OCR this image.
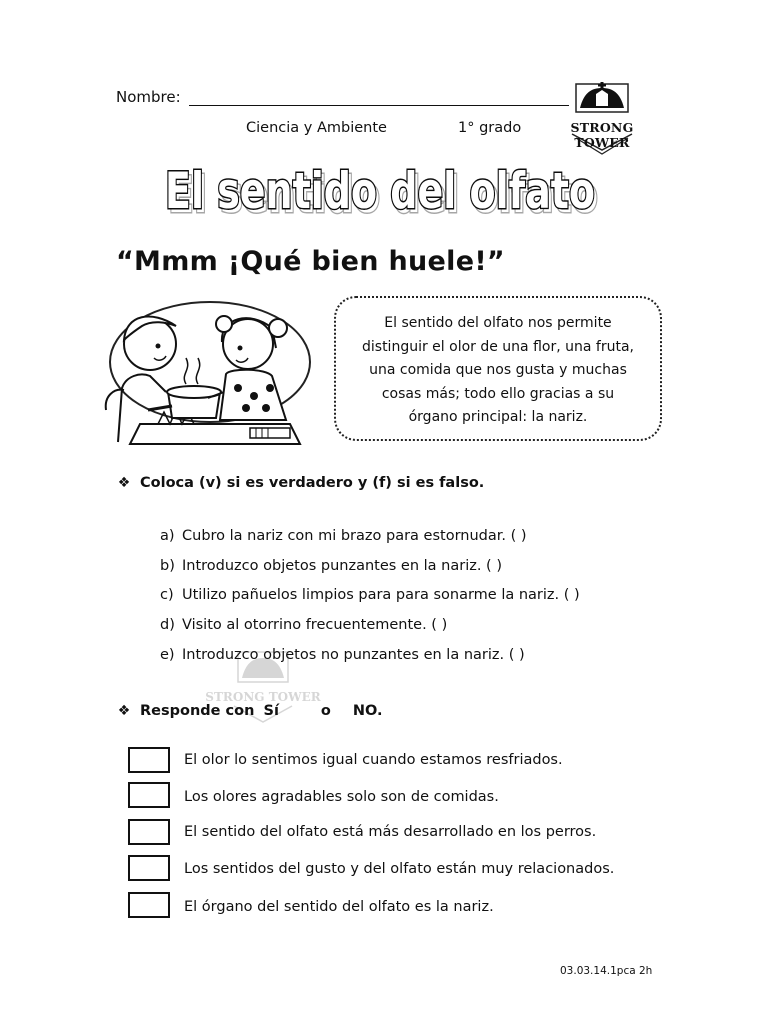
Nombre:
Ciencia y Ambiente	1° grado	STRONG TOWER
El sentido del olfato
“Mmm ¡Qué bien huele!”
El sentido del olfato nos permite
distinguir el olor de una flor, una fruta,
una comida que nos gusta y muchas
cosas más; todo ello gracias a su
órgano principal: la nariz.
❖ Coloca (v) si es verdadero y (f) si es falso.
a) Cubro la nariz con mi brazo para estornudar. ( )
b) Introduzco objetos punzantes en la nariz. ( )
c) Utilizo pañuelos limpios para para sonarme la nariz. ( )
d) Visito al otorrino frecuentemente. ( )
e) Introduzco objetos no punzantes en la nariz. ( )
STRONG TOWER
❖ Responde con Sí	o NO.
El olor lo sentimos igual cuando estamos resfriados.
Los olores agradables solo son de comidas.
El sentido del olfato está más desarrollado en los perros.
Los sentidos del gusto y del olfato están muy relacionados.
El órgano del sentido del olfato es la nariz.
03.03.14.1pca 2h
